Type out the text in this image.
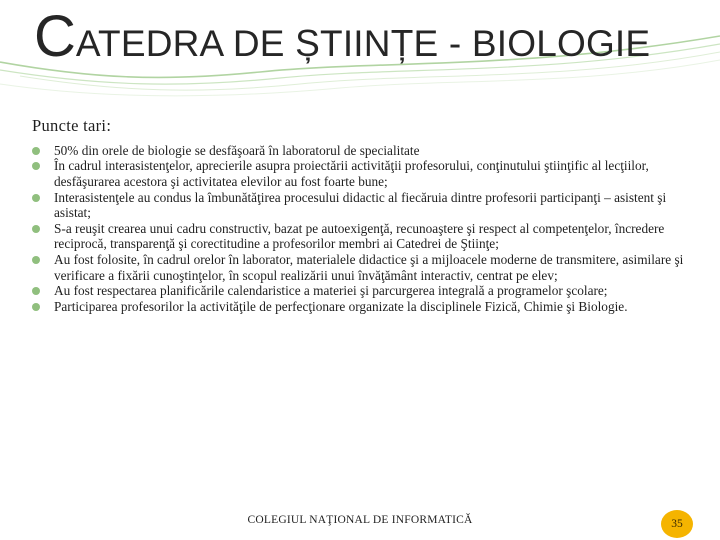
CATEDRA DE ȘTIINȚE - BIOLOGIE

Puncte tari:

50% din orele de biologie se desfăşoară în laboratorul de specialitate
În cadrul interasistenţelor, aprecierile asupra proiectării activităţii profesorului, conţinutului ştiinţific al lecţiilor, desfăşurarea acestora şi activitatea elevilor au fost foarte bune;
Interasistenţele au condus la îmbunătăţirea procesului didactic al fiecăruia dintre profesorii participanţi – asistent şi asistat;
S-a reuşit crearea unui cadru constructiv, bazat pe autoexigenţă, recunoaştere şi respect al competenţelor, încredere reciprocă, transparenţă şi corectitudine a profesorilor membri ai Catedrei de Ştiinţe;
Au fost folosite, în cadrul orelor în laborator, materialele didactice şi a mijloacele moderne de transmitere, asimilare şi verificare a fixării cunoştinţelor, în scopul realizării unui învăţământ interactiv, centrat pe elev;
Au fost respectarea planificările calendaristice a materiei şi parcurgerea integrală a programelor şcolare;
Participarea profesorilor la activităţile de perfecţionare organizate la disciplinele Fizică, Chimie şi Biologie.
COLEGIUL NAŢIONAL DE INFORMATICĂ	35
